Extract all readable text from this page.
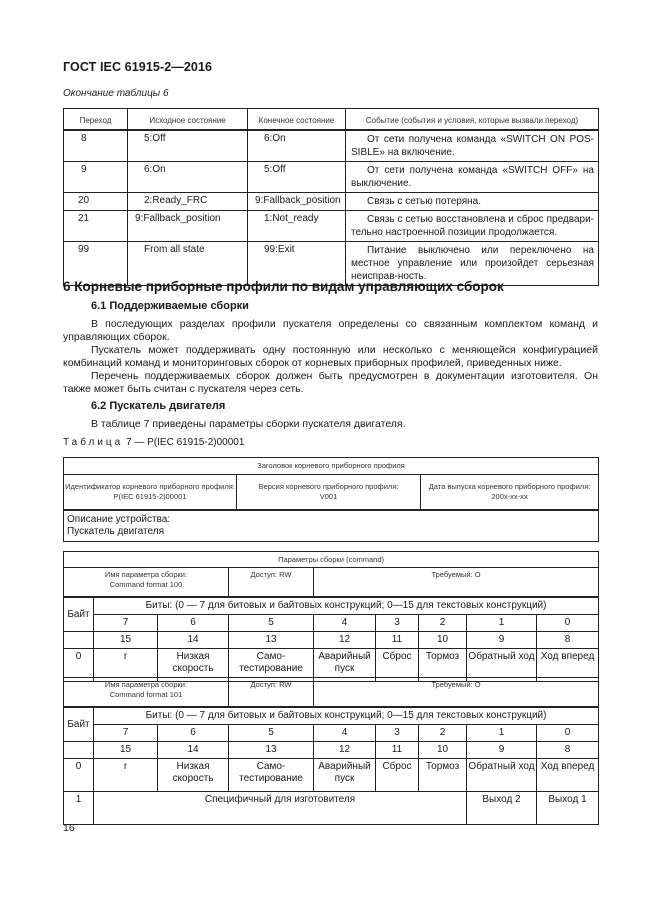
ГОСТ IEC 61915-2—2016
Окончание таблицы 6
Переход	Исходное состояние	Конечное состояние	Событие (события и условия, которые вызвали переход)
8	5:Off	6:On	От сети получена команда «SWITCH ON POS-SIBLE» на включение.
9	6:On	5:Off	От сети получена команда «SWITCH OFF» на выключение.
20	2:Ready_FRC	9:Fallback_position	Связь с сетью потеряна.
21	9:Fallback_position	1:Not_ready	Связь с сетью восстановлена и сброс предвари-тельно настроенной позиции продолжается.
99	From all state	99:Exit	Питание выключено или переключено на местное управление или произойдет серьезная неисправ-ность.
6 Корневые приборные профили по видам управляющих сборок
6.1 Поддерживаемые сборки
В последующих разделах профили пускателя определены со связанным комплектом команд и управляющих сборок.
Пускатель может поддерживать одну постоянную или несколько с меняющейся конфигурацией комбинаций команд и мониторинговых сборок от корневых приборных профилей, приведенных ниже.
Перечень поддерживаемых сборок должен быть предусмотрен в документации изготовителя. Он также может быть считан с пускателя через сеть.
6.2 Пускатель двигателя
В таблице 7 приведены параметры сборки пускателя двигателя.
Таблица 7 — P(IEC 61915-2)00001
Заголовок корневого приборного профиля

Идентификатор корневого приборного профиля:
P(IEC 61915-2)00001

Версия корневого приборного профиля:
V001

Дата выпуска корневого приборного профиля:
200x-xx-xx

Описание устройства:
Пускатель двигателя
Параметры сборки (command)								

Имя параметра сборки:
Command format 100			Доступ: RW	Требуемый: O				
Байт	Биты: (0 — 7 для битовых и байтовых конструкций; 0—15 для текстовых конструкций)							
	7	6	5	4	3	2	1	0
	15	14	13	12	11	10	9	8
0	r	Низкая скорость	Само-тестирование	Аварийный пуск	Сброс	Тормоз	Обратный ход	Ход вперед
Имя параметра сборки:
Command format 101			Доступ: RW	Требуемый: O				
Байт	Биты: (0 — 7 для битовых и байтовых конструкций; 0—15 для текстовых конструкций)							
	7	6	5	4	3	2	1	0
	15	14	13	12	11	10	9	8
0	r	Низкая скорость	Само-тестирование	Аварийный пуск	Сброс	Тормоз	Обратный ход	Ход вперед
1	Специфичный для изготовителя						Выход 2	Выход 1
16
